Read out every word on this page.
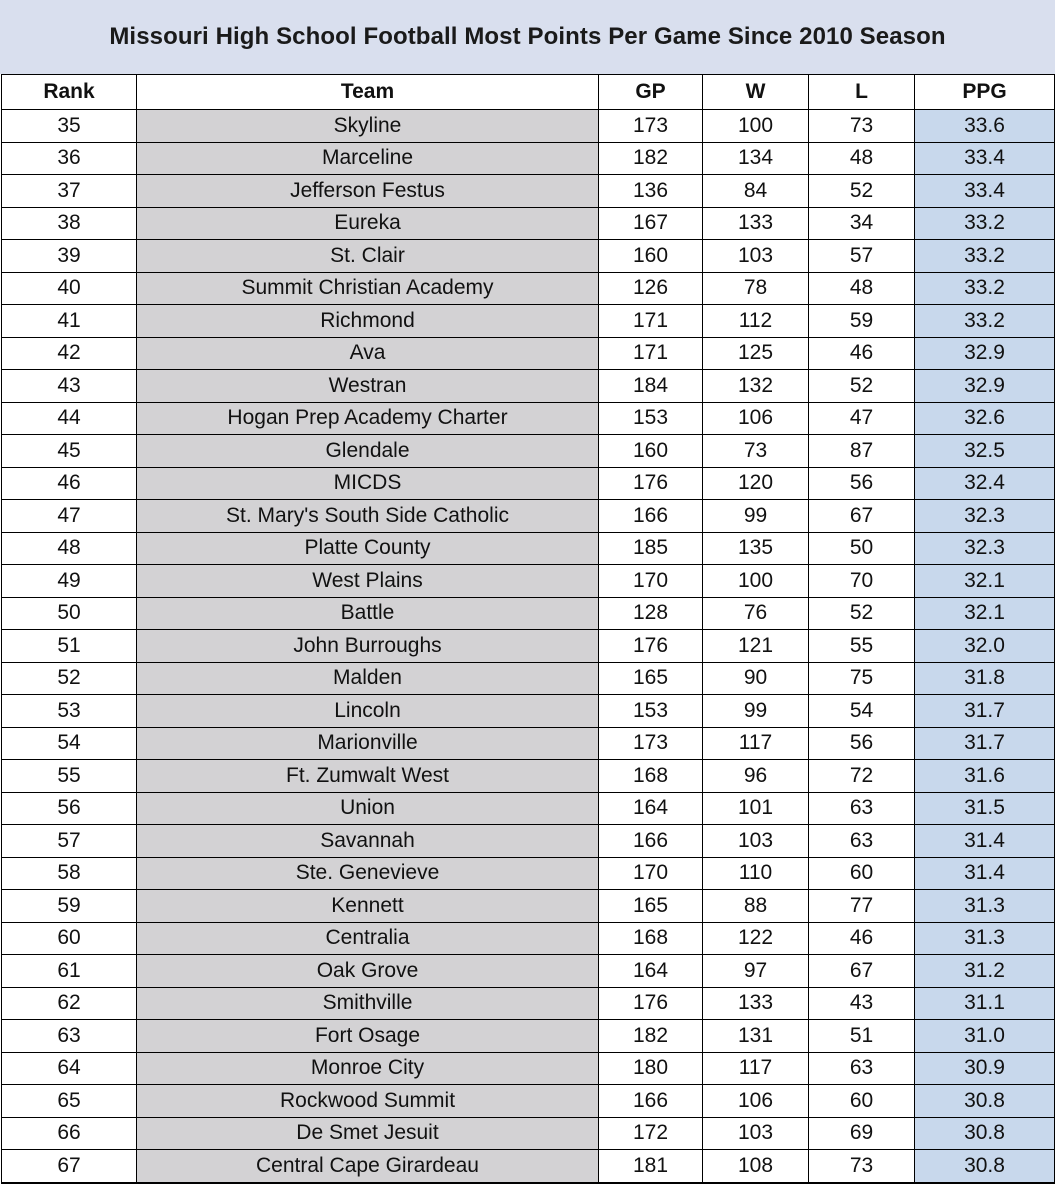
Missouri High School Football Most Points Per Game Since 2010 Season
Rank	Team	GP	W	L	PPG
35	Skyline	173	100	73	33.6
36	Marceline	182	134	48	33.4
37	Jefferson Festus	136	84	52	33.4
38	Eureka	167	133	34	33.2
39	St. Clair	160	103	57	33.2
40	Summit Christian Academy	126	78	48	33.2
41	Richmond	171	112	59	33.2
42	Ava	171	125	46	32.9
43	Westran	184	132	52	32.9
44	Hogan Prep Academy Charter	153	106	47	32.6
45	Glendale	160	73	87	32.5
46	MICDS	176	120	56	32.4
47	St. Mary's South Side Catholic	166	99	67	32.3
48	Platte County	185	135	50	32.3
49	West Plains	170	100	70	32.1
50	Battle	128	76	52	32.1
51	John Burroughs	176	121	55	32.0
52	Malden	165	90	75	31.8
53	Lincoln	153	99	54	31.7
54	Marionville	173	117	56	31.7
55	Ft. Zumwalt West	168	96	72	31.6
56	Union	164	101	63	31.5
57	Savannah	166	103	63	31.4
58	Ste. Genevieve	170	110	60	31.4
59	Kennett	165	88	77	31.3
60	Centralia	168	122	46	31.3
61	Oak Grove	164	97	67	31.2
62	Smithville	176	133	43	31.1
63	Fort Osage	182	131	51	31.0
64	Monroe City	180	117	63	30.9
65	Rockwood Summit	166	106	60	30.8
66	De Smet Jesuit	172	103	69	30.8
67	Central Cape Girardeau	181	108	73	30.8
